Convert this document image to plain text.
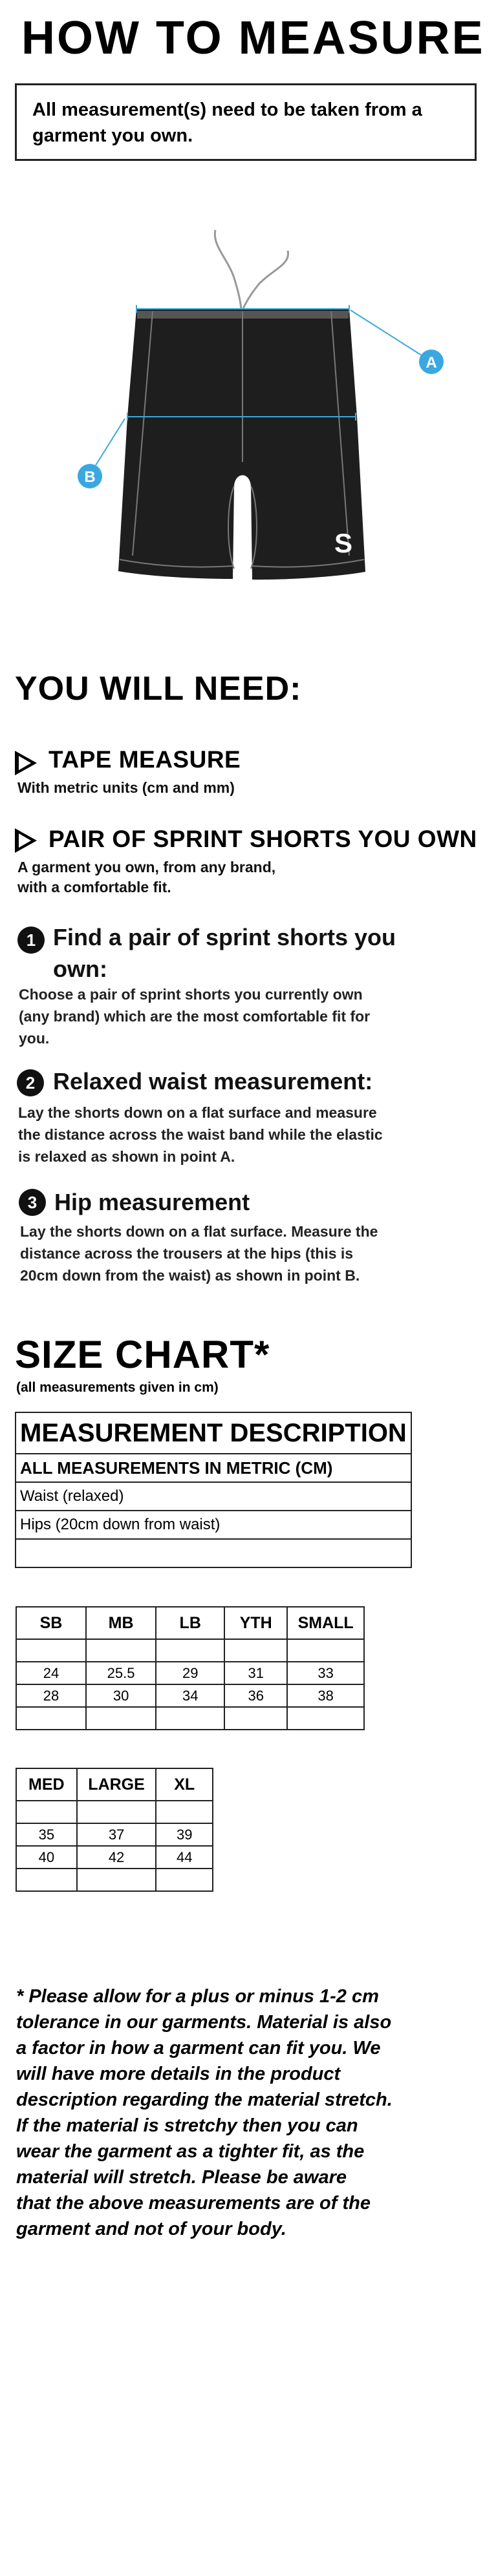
HOW TO MEASURE
All measurement(s) need to be taken from a
garment you own.
S
A
B
YOU WILL NEED:
TAPE MEASURE
With metric units (cm and mm)
PAIR OF SPRINT SHORTS YOU OWN
A garment you own, from any brand,
with a comfortable fit.
1 Find a pair of sprint shorts you
own:
Choose a pair of sprint shorts you currently own
(any brand) which are the most comfortable fit for
you.
2 Relaxed waist measurement:
Lay the shorts down on a flat surface and measure
the distance across the waist band while the elastic
is relaxed as shown in point A.
3 Hip measurement
Lay the shorts down on a flat surface. Measure the
distance across the trousers at the hips (this is
20cm down from the waist) as shown in point B.
SIZE CHART*
(all measurements given in cm)
MEASUREMENT DESCRIPTION
ALL MEASUREMENTS IN METRIC (CM)
Waist (relaxed)
Hips (20cm down from waist)

SB	MB	LB	YTH	SMALL

24	25.5	29	31	33
28	30	34	36	38

MED	LARGE	XL

35	37	39
40	42	44

* Please allow for a plus or minus 1-2 cm
tolerance in our garments. Material is also
a factor in how a garment can fit you. We
will have more details in the product
description regarding the material stretch.
If the material is stretchy then you can
wear the garment as a tighter fit, as the
material will stretch. Please be aware
that the above measurements are of the
garment and not of your body.
